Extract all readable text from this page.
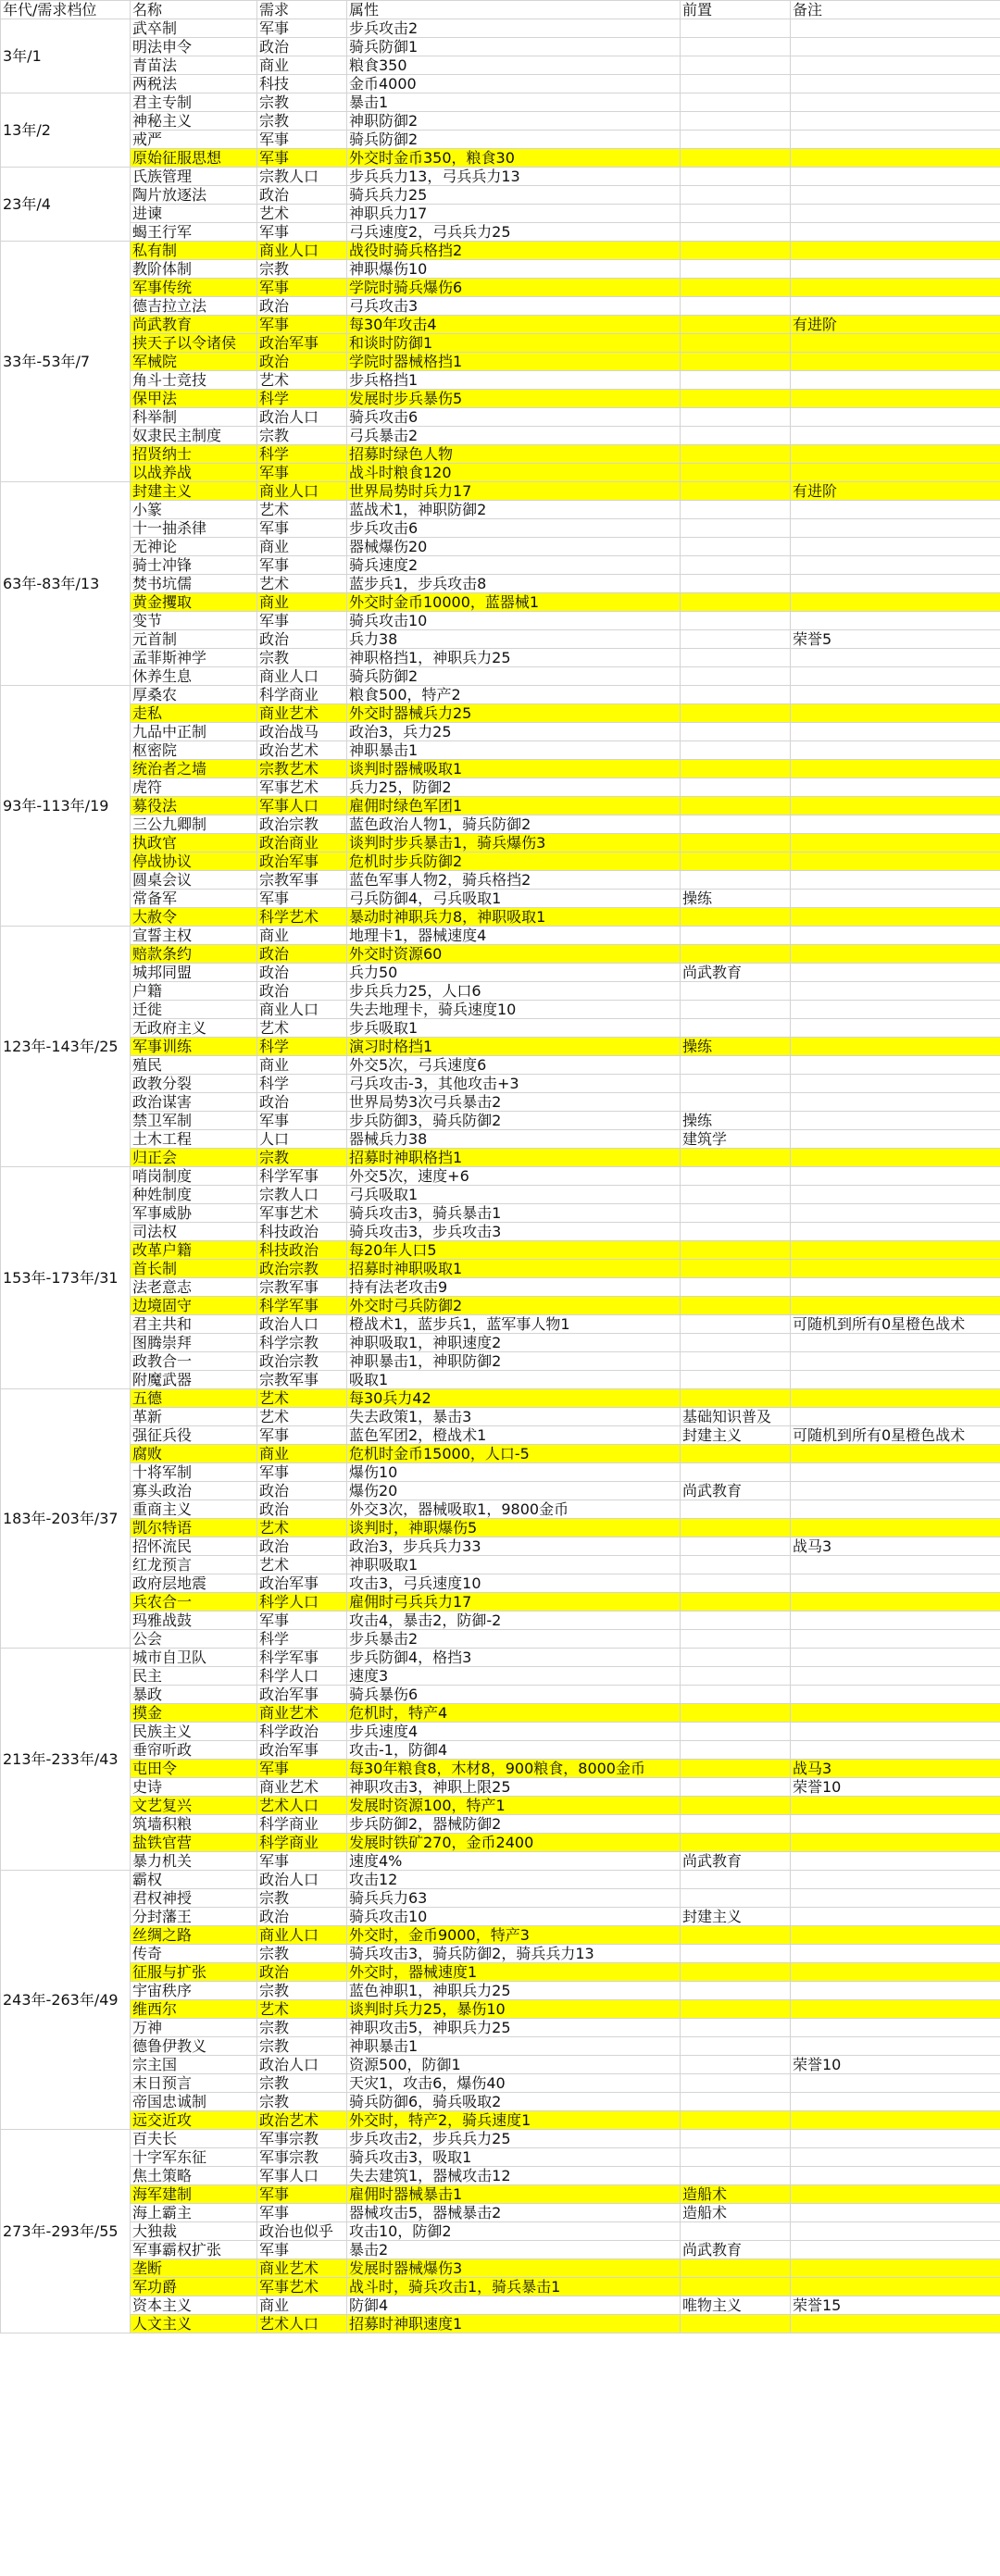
年代/需求档位	名称	需求	属性	前置	备注
3年/1	武卒制	军事	步兵攻击2		
	明法申令	政治	骑兵防御1		
	青苗法	商业	粮食350		
	两税法	科技	金币4000		
13年/2	君主专制	宗教	暴击1		
	神秘主义	宗教	神职防御2		
	戒严	军事	骑兵防御2		
	原始征服思想	军事	外交时金币350，粮食30		
23年/4	氏族管理	宗教人口	步兵兵力13，弓兵兵力13		
	陶片放逐法	政治	骑兵兵力25		
	进谏	艺术	神职兵力17		
	蝎王行军	军事	弓兵速度2，弓兵兵力25		
33年-53年/7	私有制	商业人口	战役时骑兵格挡2		
	教阶体制	宗教	神职爆伤10		
	军事传统	军事	学院时骑兵爆伤6		
	德吉拉立法	政治	弓兵攻击3		
	尚武教育	军事	每30年攻击4		有进阶
	挟天子以令诸侯	政治军事	和谈时防御1		
	军械院	政治	学院时器械格挡1		
	角斗士竞技	艺术	步兵格挡1		
	保甲法	科学	发展时步兵暴伤5		
	科举制	政治人口	骑兵攻击6		
	奴隶民主制度	宗教	弓兵暴击2		
	招贤纳士	科学	招募时绿色人物		
	以战养战	军事	战斗时粮食120		
63年-83年/13	封建主义	商业人口	世界局势时兵力17		有进阶
	小篆	艺术	蓝战术1，神职防御2		
	十一抽杀律	军事	步兵攻击6		
	无神论	商业	器械爆伤20		
	骑士冲锋	军事	骑兵速度2		
	焚书坑儒	艺术	蓝步兵1，步兵攻击8		
	黄金攫取	商业	外交时金币10000，蓝器械1		
	变节	军事	骑兵攻击10		
	元首制	政治	兵力38		荣誉5
	孟菲斯神学	宗教	神职格挡1，神职兵力25		
	休养生息	商业人口	骑兵防御2		
93年-113年/19	厚桑农	科学商业	粮食500，特产2		
	走私	商业艺术	外交时器械兵力25		
	九品中正制	政治战马	政治3，兵力25		
	枢密院	政治艺术	神职暴击1		
	统治者之墙	宗教艺术	谈判时器械吸取1		
	虎符	军事艺术	兵力25，防御2		
	募役法	军事人口	雇佣时绿色军团1		
	三公九卿制	政治宗教	蓝色政治人物1，骑兵防御2		
	执政官	政治商业	谈判时步兵暴击1，骑兵爆伤3		
	停战协议	政治军事	危机时步兵防御2		
	圆桌会议	宗教军事	蓝色军事人物2，骑兵格挡2		
	常备军	军事	弓兵防御4，弓兵吸取1	操练	
	大赦令	科学艺术	暴动时神职兵力8，神职吸取1		
123年-143年/25	宣誓主权	商业	地理卡1，器械速度4		
	赔款条约	政治	外交时资源60		
	城邦同盟	政治	兵力50	尚武教育	
	户籍	政治	步兵兵力25，人口6		
	迁徙	商业人口	失去地理卡，骑兵速度10		
	无政府主义	艺术	步兵吸取1		
	军事训练	科学	演习时格挡1	操练	
	殖民	商业	外交5次，弓兵速度6		
	政教分裂	科学	弓兵攻击-3，其他攻击+3		
	政治谋害	政治	世界局势3次弓兵暴击2		
	禁卫军制	军事	步兵防御3，骑兵防御2	操练	
	土木工程	人口	器械兵力38	建筑学	
	归正会	宗教	招募时神职格挡1		
153年-173年/31	哨岗制度	科学军事	外交5次，速度+6		
	种姓制度	宗教人口	弓兵吸取1		
	军事威胁	军事艺术	骑兵攻击3，骑兵暴击1		
	司法权	科技政治	骑兵攻击3，步兵攻击3		
	改革户籍	科技政治	每20年人口5		
	首长制	政治宗教	招募时神职吸取1		
	法老意志	宗教军事	持有法老攻击9		
	边境固守	科学军事	外交时弓兵防御2		
	君主共和	政治人口	橙战术1，蓝步兵1，蓝军事人物1		可随机到所有0星橙色战术
	图腾崇拜	科学宗教	神职吸取1，神职速度2		
	政教合一	政治宗教	神职暴击1，神职防御2		
	附魔武器	宗教军事	吸取1		
183年-203年/37	五德	艺术	每30兵力42		
	革新	艺术	失去政策1，暴击3	基础知识普及	
	强征兵役	军事	蓝色军团2，橙战术1	封建主义	可随机到所有0星橙色战术
	腐败	商业	危机时金币15000，人口-5		
	十将军制	军事	爆伤10		
	寡头政治	政治	爆伤20	尚武教育	
	重商主义	政治	外交3次，器械吸取1，9800金币		
	凯尔特语	艺术	谈判时，神职爆伤5		
	招怀流民	政治	政治3，步兵兵力33		战马3
	红龙预言	艺术	神职吸取1		
	政府层地震	政治军事	攻击3，弓兵速度10		
	兵农合一	科学人口	雇佣时弓兵兵力17		
	玛雅战鼓	军事	攻击4，暴击2，防御-2		
	公会	科学	步兵暴击2		
213年-233年/43	城市自卫队	科学军事	步兵防御4，格挡3		
	民主	科学人口	速度3		
	暴政	政治军事	骑兵暴伤6		
	摸金	商业艺术	危机时，特产4		
	民族主义	科学政治	步兵速度4		
	垂帘听政	政治军事	攻击-1，防御4		
	屯田令	军事	每30年粮食8，木材8，900粮食，8000金币		战马3
	史诗	商业艺术	神职攻击3，神职上限25		荣誉10
	文艺复兴	艺术人口	发展时资源100，特产1		
	筑墙积粮	科学商业	步兵防御2，器械防御2		
	盐铁官营	科学商业	发展时铁矿270，金币2400		
	暴力机关	军事	速度4%	尚武教育	
243年-263年/49	霸权	政治人口	攻击12		
	君权神授	宗教	骑兵兵力63		
	分封藩王	政治	骑兵攻击10	封建主义	
	丝绸之路	商业人口	外交时，金币9000，特产3		
	传奇	宗教	骑兵攻击3，骑兵防御2，骑兵兵力13		
	征服与扩张	政治	外交时，器械速度1		
	宇宙秩序	宗教	蓝色神职1，神职兵力25		
	维西尔	艺术	谈判时兵力25，暴伤10		
	万神	宗教	神职攻击5，神职兵力25		
	德鲁伊教义	宗教	神职暴击1		
	宗主国	政治人口	资源500，防御1		荣誉10
	末日预言	宗教	天灾1，攻击6，爆伤40		
	帝国忠诚制	宗教	骑兵防御6，骑兵吸取2		
	远交近攻	政治艺术	外交时，特产2，骑兵速度1		
273年-293年/55	百夫长	军事宗教	步兵攻击2，步兵兵力25		
	十字军东征	军事宗教	骑兵攻击3，吸取1		
	焦土策略	军事人口	失去建筑1，器械攻击12		
	海军建制	军事	雇佣时器械暴击1	造船术	
	海上霸主	军事	器械攻击5，器械暴击2	造船术	
	大独裁	政治也似乎	攻击10，防御2		
	军事霸权扩张	军事	暴击2	尚武教育	
	垄断	商业艺术	发展时器械爆伤3		
	军功爵	军事艺术	战斗时，骑兵攻击1，骑兵暴击1		
	资本主义	商业	防御4	唯物主义	荣誉15
	人文主义	艺术人口	招募时神职速度1		
